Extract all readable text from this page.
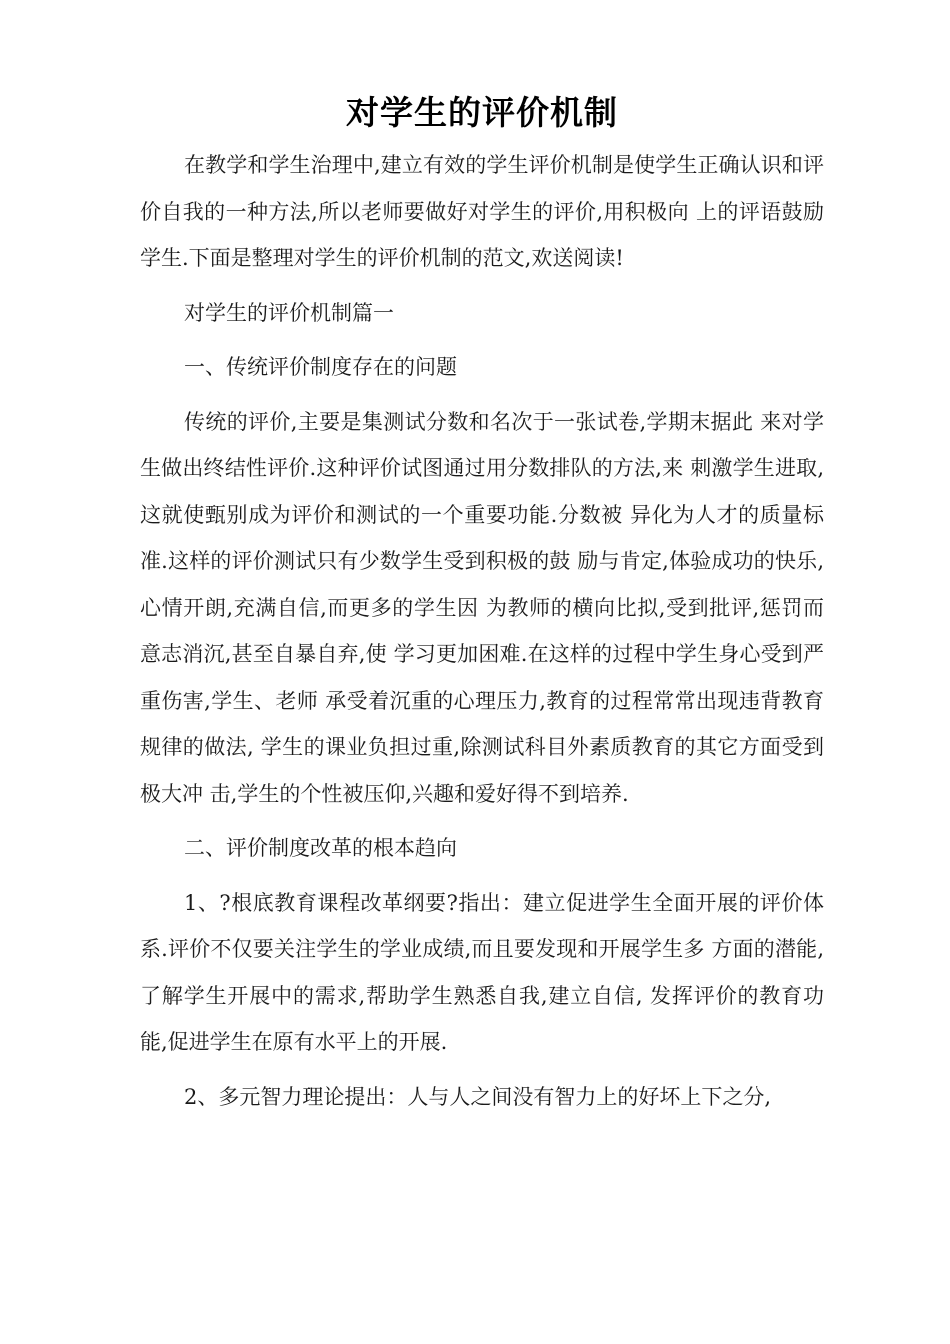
对学生的评价机制

在教学和学生治理中,建立有效的学生评价机制是使学生正确认识和评价自我的一种方法,所以老师要做好对学生的评价,用积极向 上的评语鼓励学生.下面是整理对学生的评价机制的范文,欢送阅读!

对学生的评价机制篇一

一、传统评价制度存在的问题

传统的评价,主要是集测试分数和名次于一张试卷,学期末据此 来对学生做出终结性评价.这种评价试图通过用分数排队的方法,来 刺激学生进取,这就使甄别成为评价和测试的一个重要功能.分数被 异化为人才的质量标准.这样的评价测试只有少数学生受到积极的鼓 励与肯定,体验成功的快乐,心情开朗,充满自信,而更多的学生因 为教师的横向比拟,受到批评,惩罚而意志消沉,甚至自暴自弃,使 学习更加困难.在这样的过程中学生身心受到严重伤害,学生、老师 承受着沉重的心理压力,教育的过程常常出现违背教育规律的做法, 学生的课业负担过重,除测试科目外素质教育的其它方面受到极大冲 击,学生的个性被压仰,兴趣和爱好得不到培养.

二、评价制度改革的根本趋向

1、?根底教育课程改革纲要?指出：建立促进学生全面开展的评价体系.评价不仅要关注学生的学业成绩,而且要发现和开展学生多 方面的潜能,了解学生开展中的需求,帮助学生熟悉自我,建立自信, 发挥评价的教育功能,促进学生在原有水平上的开展.

2、多元智力理论提出：人与人之间没有智力上的好坏上下之分,
